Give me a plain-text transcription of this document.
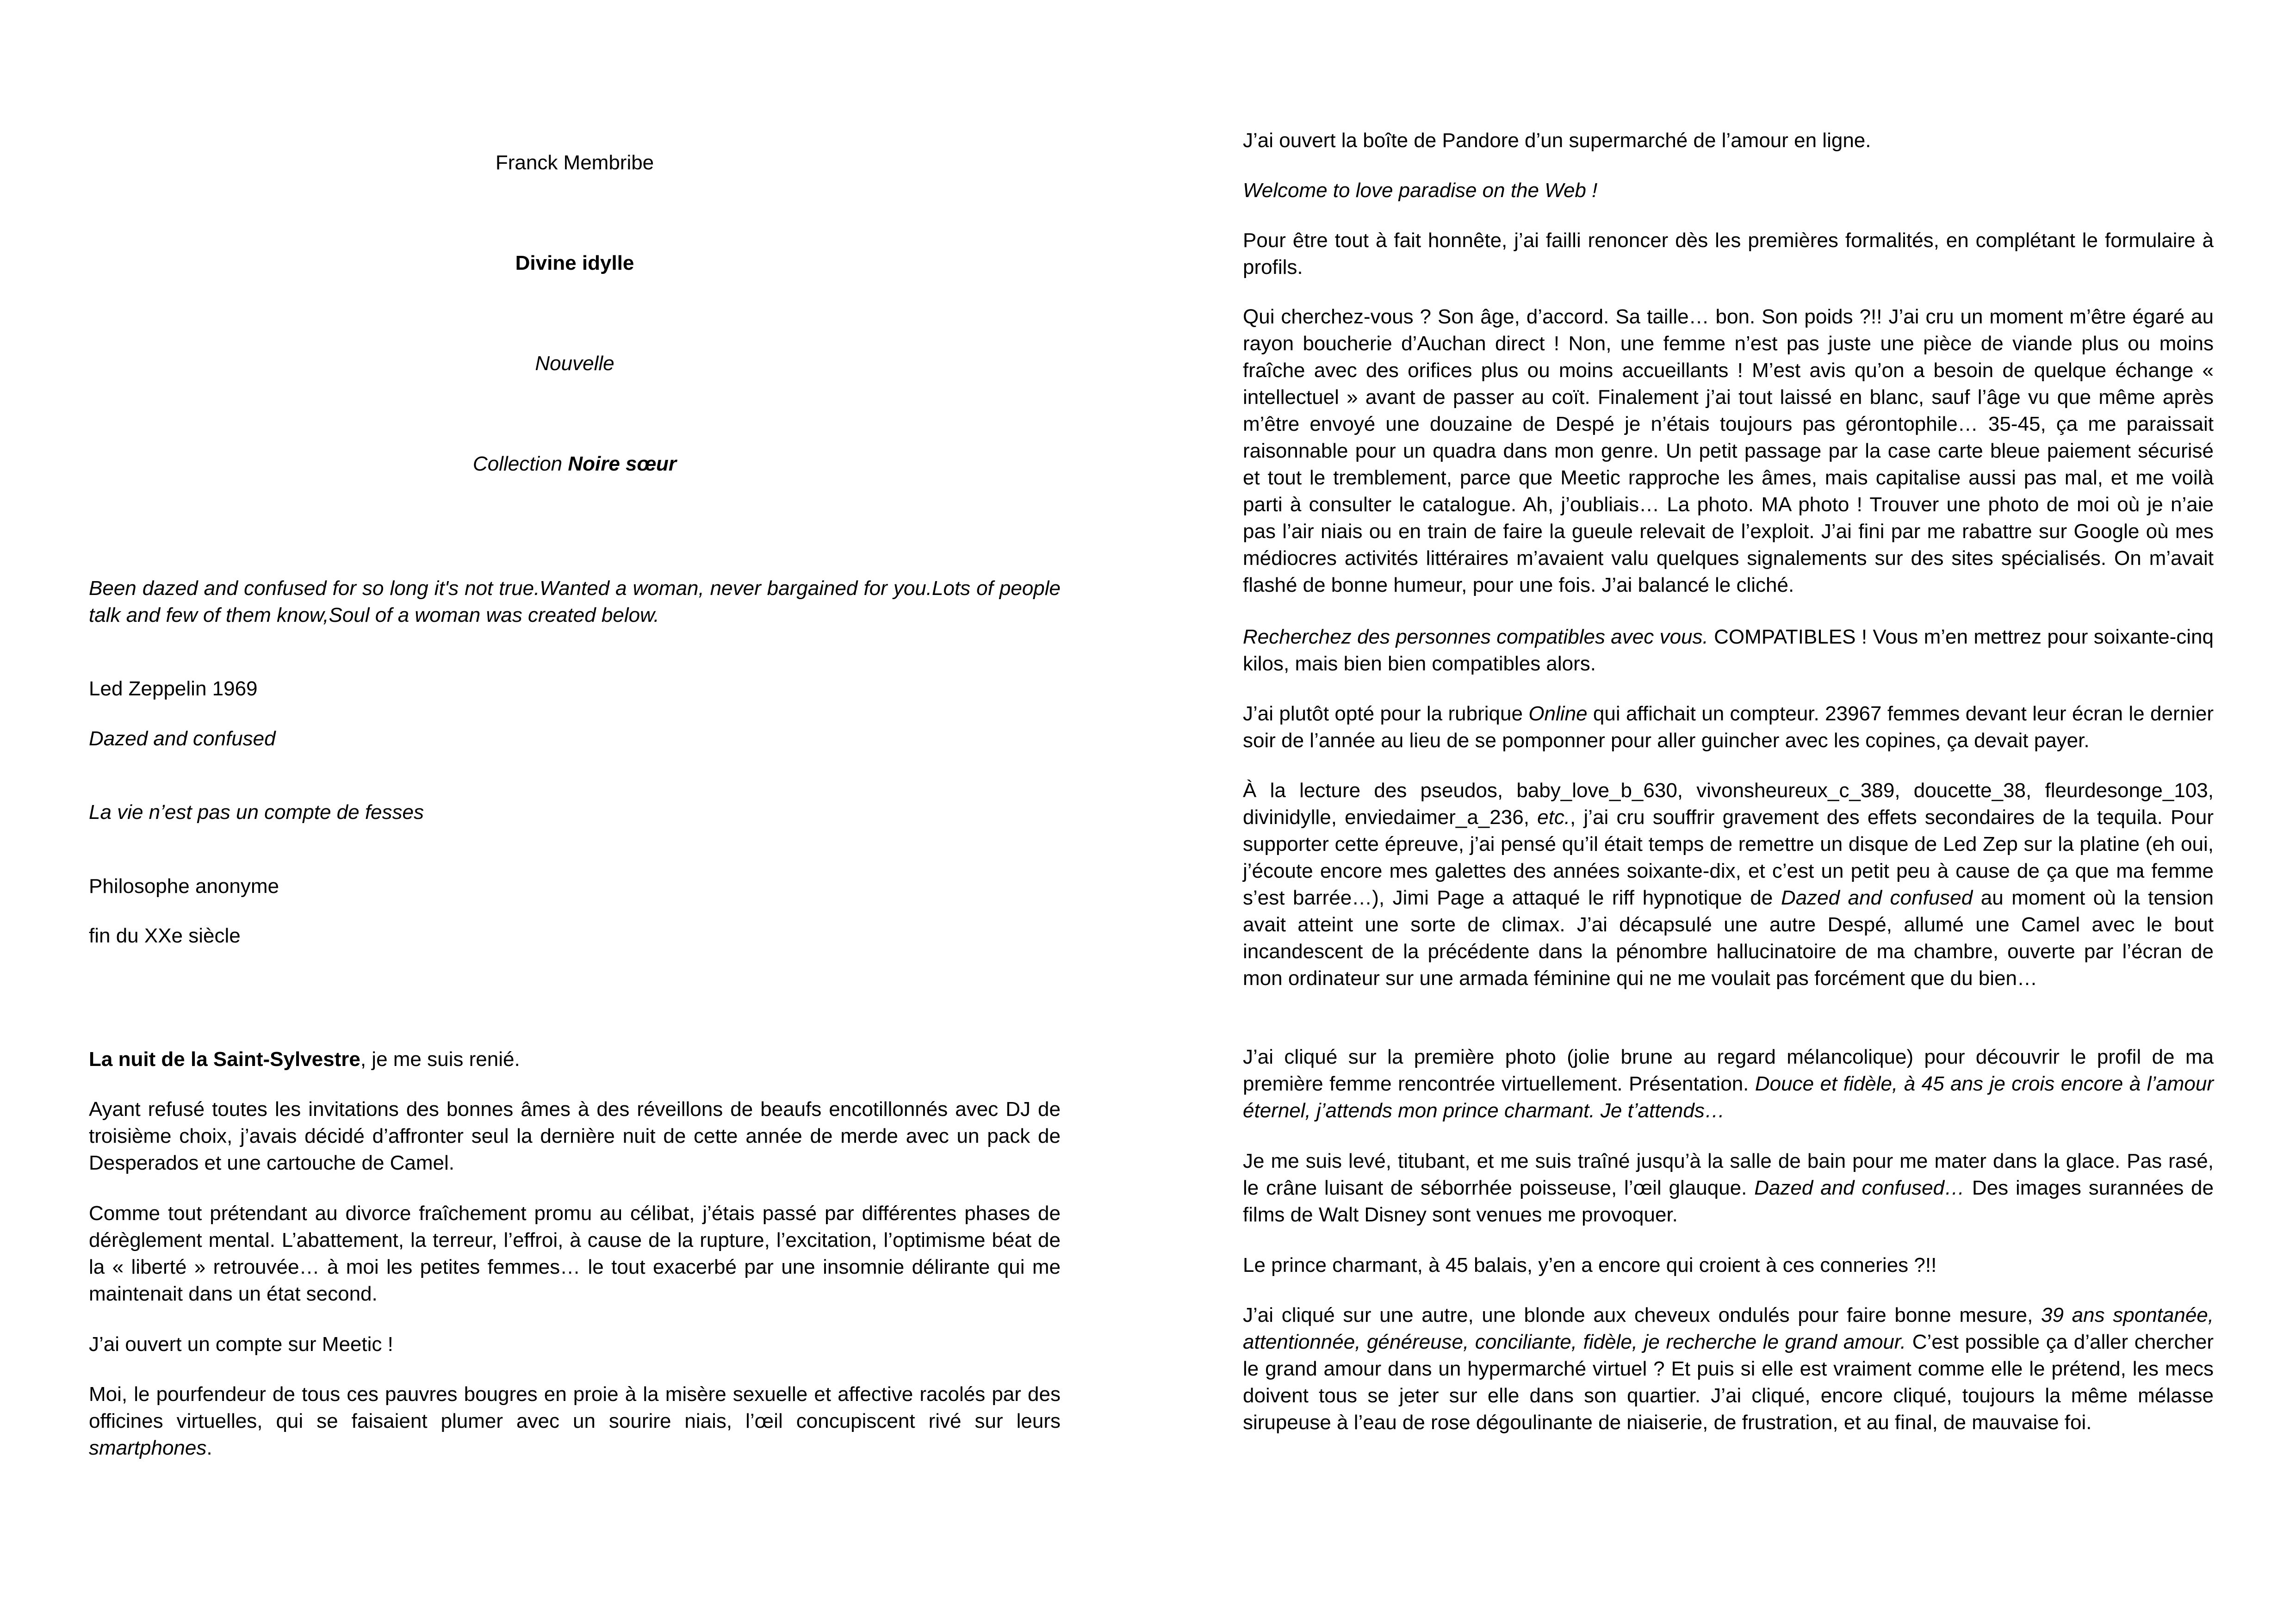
Franck Membribe
Divine idylle
Nouvelle
Collection Noire sœur

Been dazed and confused for so long it's not true.Wanted a woman, never bargained for you.Lots of people talk and few of them know,Soul of a woman was created below.

Led Zeppelin 1969

Dazed and confused

La vie n’est pas un compte de fesses

Philosophe anonyme

fin du XXe siècle

La nuit de la Saint-Sylvestre, je me suis renié.

Ayant refusé toutes les invitations des bonnes âmes à des réveillons de beaufs encotillonnés avec DJ de troisième choix, j’avais décidé d’affronter seul la dernière nuit de cette année de merde avec un pack de Desperados et une cartouche de Camel.

Comme tout prétendant au divorce fraîchement promu au célibat, j’étais passé par différentes phases de dérèglement mental. L’abattement, la terreur, l’effroi, à cause de la rupture, l’excitation, l’optimisme béat de la « liberté » retrouvée… à moi les petites femmes… le tout exacerbé par une insomnie délirante qui me maintenait dans un état second.

J’ai ouvert un compte sur Meetic !

Moi, le pourfendeur de tous ces pauvres bougres en proie à la misère sexuelle et affective racolés par des officines virtuelles, qui se faisaient plumer avec un sourire niais, l’œil concupiscent rivé sur leurs smartphones.

J’ai ouvert la boîte de Pandore d’un supermarché de l’amour en ligne.

Welcome to love paradise on the Web !

Pour être tout à fait honnête, j’ai failli renoncer dès les premières formalités, en complétant le formulaire à profils.

Qui cherchez-vous ? Son âge, d’accord. Sa taille… bon. Son poids ?!! J’ai cru un moment m’être égaré au rayon boucherie d’Auchan direct ! Non, une femme n’est pas juste une pièce de viande plus ou moins fraîche avec des orifices plus ou moins accueillants ! M’est avis qu’on a besoin de quelque échange « intellectuel » avant de passer au coït. Finalement j’ai tout laissé en blanc, sauf l’âge vu que même après m’être envoyé une douzaine de Despé je n’étais toujours pas gérontophile… 35-45, ça me paraissait raisonnable pour un quadra dans mon genre. Un petit passage par la case carte bleue paiement sécurisé et tout le tremblement, parce que Meetic rapproche les âmes, mais capitalise aussi pas mal, et me voilà parti à consulter le catalogue. Ah, j’oubliais… La photo. MA photo ! Trouver une photo de moi où je n’aie pas l’air niais ou en train de faire la gueule relevait de l’exploit. J’ai fini par me rabattre sur Google où mes médiocres activités littéraires m’avaient valu quelques signalements sur des sites spécialisés. On m’avait flashé de bonne humeur, pour une fois. J’ai balancé le cliché.

Recherchez des personnes compatibles avec vous. COMPATIBLES ! Vous m’en mettrez pour soixante-cinq kilos, mais bien bien compatibles alors.

J’ai plutôt opté pour la rubrique Online qui affichait un compteur. 23967 femmes devant leur écran le dernier soir de l’année au lieu de se pomponner pour aller guincher avec les copines, ça devait payer.

À la lecture des pseudos, baby_love_b_630, vivonsheureux_c_389, doucette_38, fleurdesonge_103, divinidylle, enviedaimer_a_236, etc., j’ai cru souffrir gravement des effets secondaires de la tequila. Pour supporter cette épreuve, j’ai pensé qu’il était temps de remettre un disque de Led Zep sur la platine (eh oui, j’écoute encore mes galettes des années soixante-dix, et c’est un petit peu à cause de ça que ma femme s’est barrée…), Jimi Page a attaqué le riff hypnotique de Dazed and confused au moment où la tension avait atteint une sorte de climax. J’ai décapsulé une autre Despé, allumé une Camel avec le bout incandescent de la précédente dans la pénombre hallucinatoire de ma chambre, ouverte par l’écran de mon ordinateur sur une armada féminine qui ne me voulait pas forcément que du bien…

J’ai cliqué sur la première photo (jolie brune au regard mélancolique) pour découvrir le profil de ma première femme rencontrée virtuellement. Présentation. Douce et fidèle, à 45 ans je crois encore à l’amour éternel, j’attends mon prince charmant. Je t’attends…

Je me suis levé, titubant, et me suis traîné jusqu’à la salle de bain pour me mater dans la glace. Pas rasé, le crâne luisant de séborrhée poisseuse, l’œil glauque. Dazed and confused… Des images surannées de films de Walt Disney sont venues me provoquer.

Le prince charmant, à 45 balais, y’en a encore qui croient à ces conneries ?!!

J’ai cliqué sur une autre, une blonde aux cheveux ondulés pour faire bonne mesure, 39 ans spontanée, attentionnée, généreuse, conciliante, fidèle, je recherche le grand amour. C’est possible ça d’aller chercher le grand amour dans un hypermarché virtuel ? Et puis si elle est vraiment comme elle le prétend, les mecs doivent tous se jeter sur elle dans son quartier. J’ai cliqué, encore cliqué, toujours la même mélasse sirupeuse à l’eau de rose dégoulinante de niaiserie, de frustration, et au final, de mauvaise foi.
